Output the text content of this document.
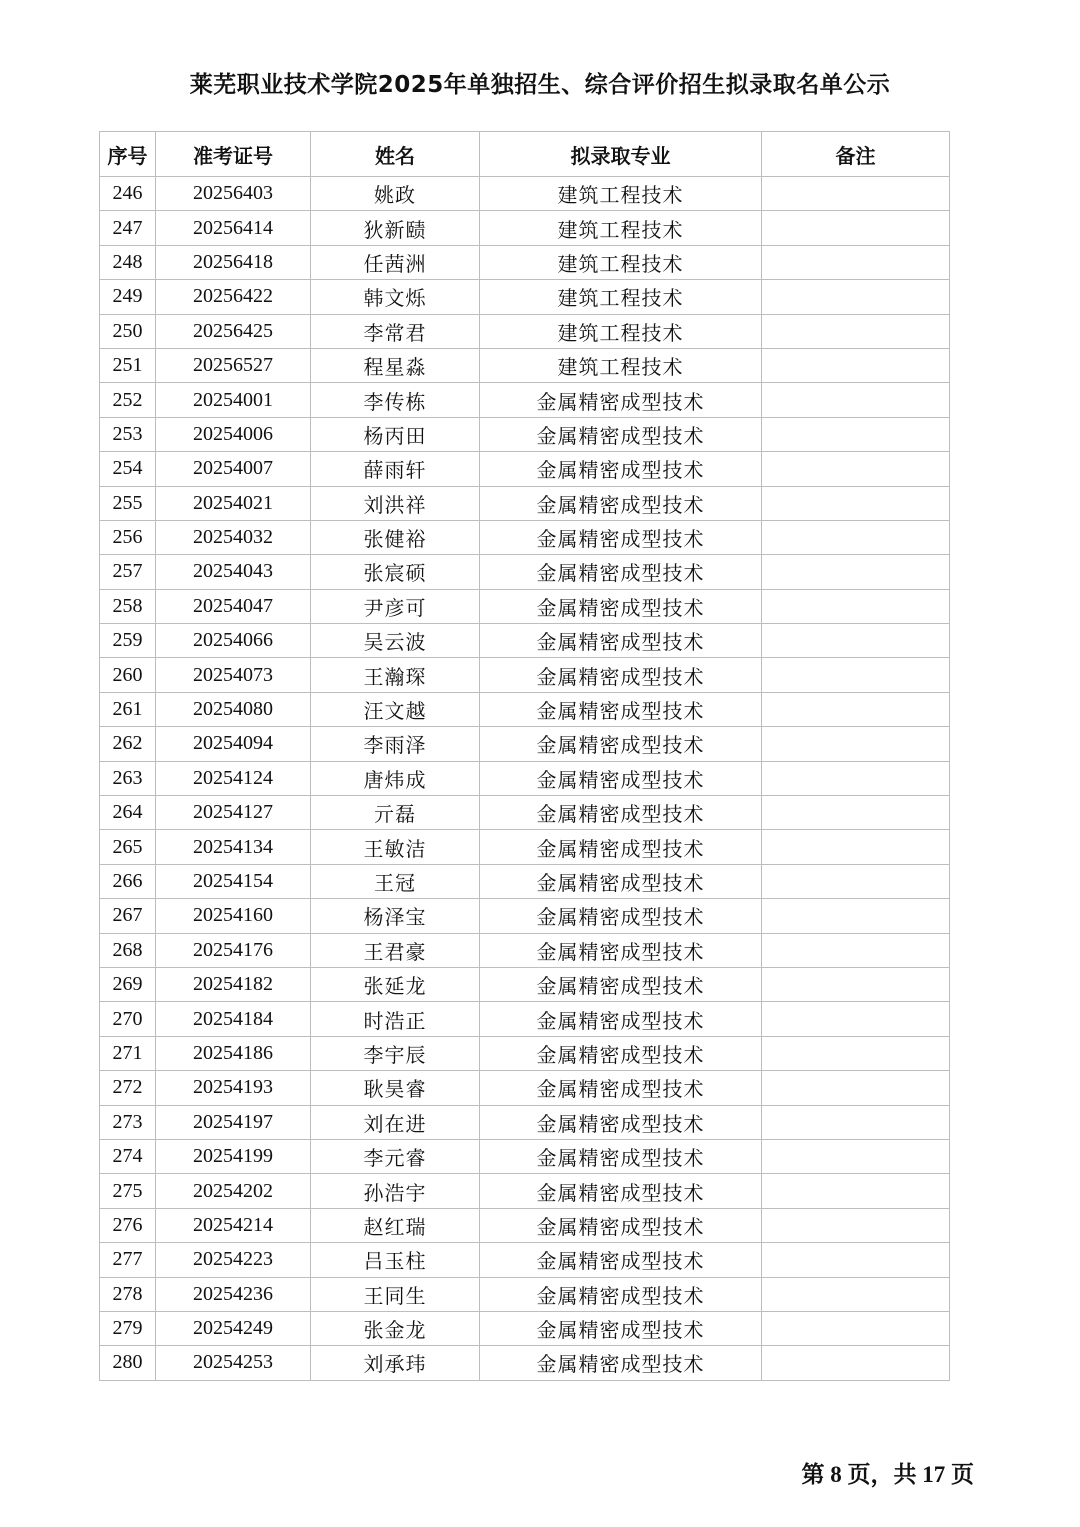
莱芜职业技术学院2025年单独招生、综合评价招生拟录取名单公示
序号	准考证号	姓名	拟录取专业	备注
246	20256403	姚政	建筑工程技术	
247	20256414	狄新赜	建筑工程技术	
248	20256418	任茜洲	建筑工程技术	
249	20256422	韩文烁	建筑工程技术	
250	20256425	李常君	建筑工程技术	
251	20256527	程星淼	建筑工程技术	
252	20254001	李传栋	金属精密成型技术	
253	20254006	杨丙田	金属精密成型技术	
254	20254007	薛雨轩	金属精密成型技术	
255	20254021	刘洪祥	金属精密成型技术	
256	20254032	张健裕	金属精密成型技术	
257	20254043	张宸硕	金属精密成型技术	
258	20254047	尹彦可	金属精密成型技术	
259	20254066	吴云波	金属精密成型技术	
260	20254073	王瀚琛	金属精密成型技术	
261	20254080	汪文越	金属精密成型技术	
262	20254094	李雨泽	金属精密成型技术	
263	20254124	唐炜成	金属精密成型技术	
264	20254127	亓磊	金属精密成型技术	
265	20254134	王敏洁	金属精密成型技术	
266	20254154	王冠	金属精密成型技术	
267	20254160	杨泽宝	金属精密成型技术	
268	20254176	王君豪	金属精密成型技术	
269	20254182	张延龙	金属精密成型技术	
270	20254184	时浩正	金属精密成型技术	
271	20254186	李宇辰	金属精密成型技术	
272	20254193	耿昊睿	金属精密成型技术	
273	20254197	刘在进	金属精密成型技术	
274	20254199	李元睿	金属精密成型技术	
275	20254202	孙浩宇	金属精密成型技术	
276	20254214	赵红瑞	金属精密成型技术	
277	20254223	吕玉柱	金属精密成型技术	
278	20254236	王同生	金属精密成型技术	
279	20254249	张金龙	金属精密成型技术	
280	20254253	刘承玮	金属精密成型技术	
第 8 页，共 17 页
